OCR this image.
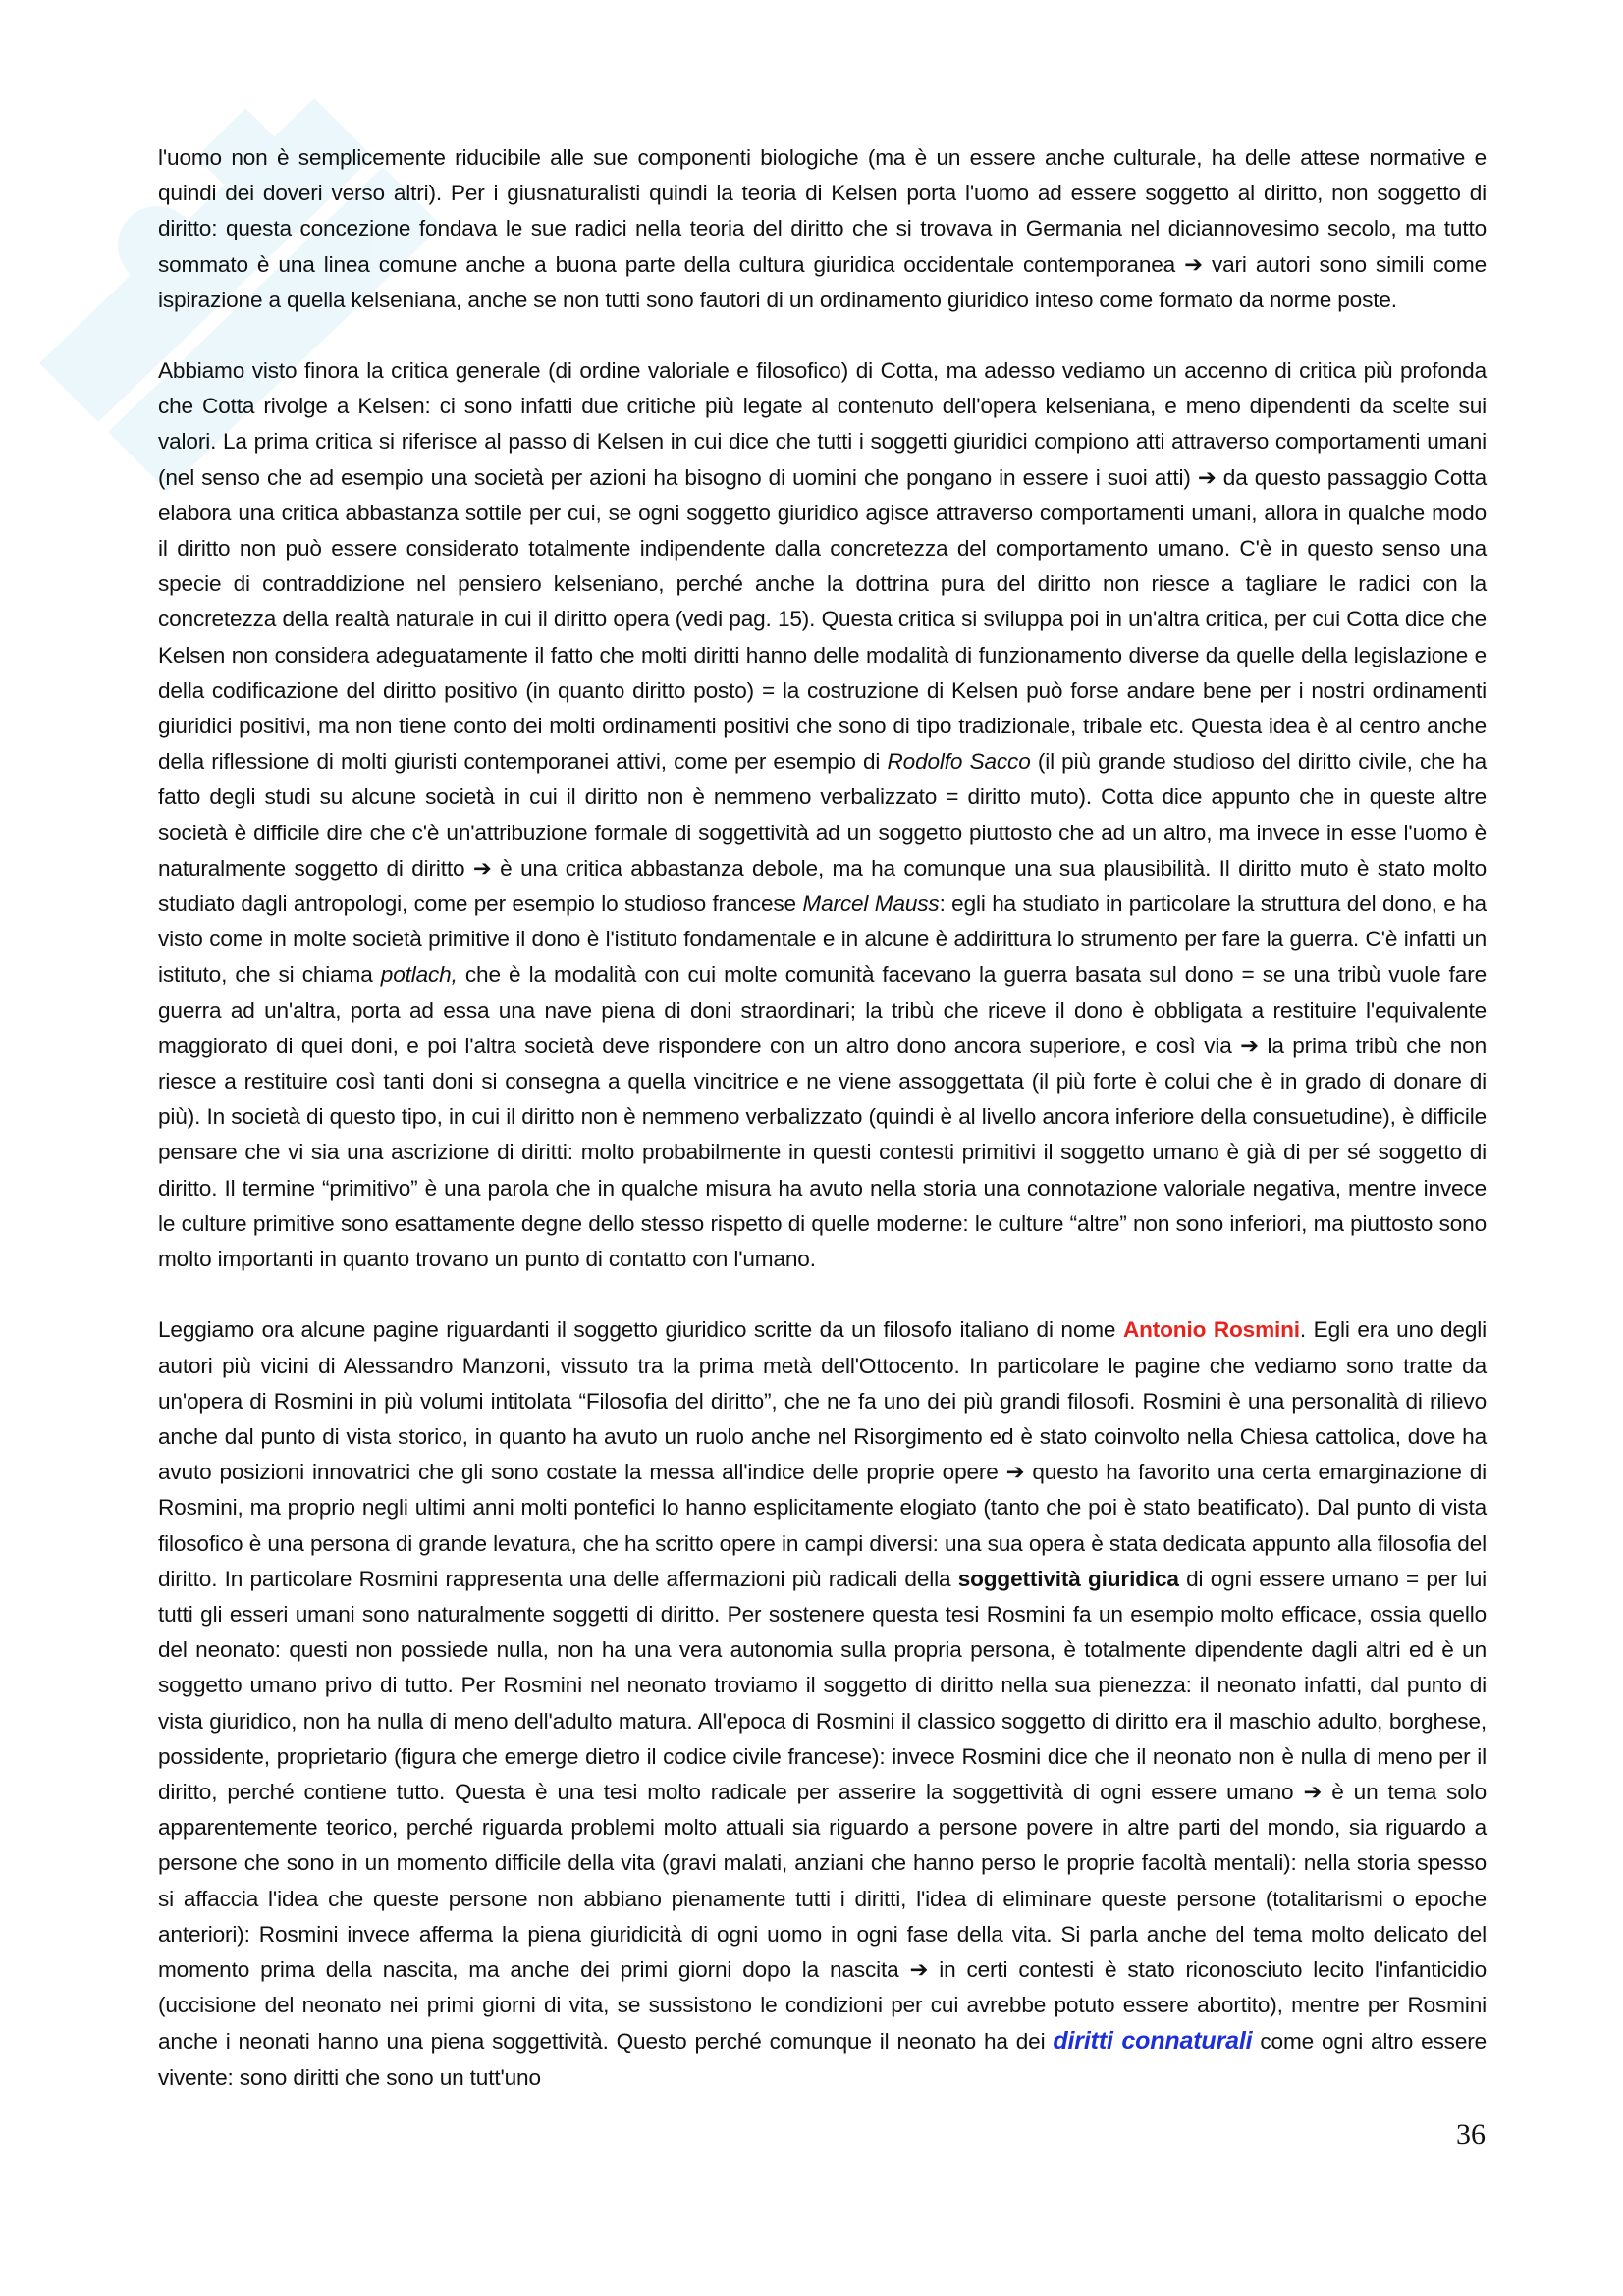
l'uomo non è semplicemente riducibile alle sue componenti biologiche (ma è un essere anche culturale, ha delle attese normative e quindi dei doveri verso altri). Per i giusnaturalisti quindi la teoria di Kelsen porta l'uomo ad essere soggetto al diritto, non soggetto di diritto: questa concezione fondava le sue radici nella teoria del diritto che si trovava in Germania nel diciannovesimo secolo, ma tutto sommato è una linea comune anche a buona parte della cultura giuridica occidentale contemporanea ➔ vari autori sono simili come ispirazione a quella kelseniana, anche se non tutti sono fautori di un ordinamento giuridico inteso come formato da norme poste.

Abbiamo visto finora la critica generale (di ordine valoriale e filosofico) di Cotta, ma adesso vediamo un accenno di critica più profonda che Cotta rivolge a Kelsen: ci sono infatti due critiche più legate al contenuto dell'opera kelseniana, e meno dipendenti da scelte sui valori. La prima critica si riferisce al passo di Kelsen in cui dice che tutti i soggetti giuridici compiono atti attraverso comportamenti umani (nel senso che ad esempio una società per azioni ha bisogno di uomini che pongano in essere i suoi atti) ➔ da questo passaggio Cotta elabora una critica abbastanza sottile per cui, se ogni soggetto giuridico agisce attraverso comportamenti umani, allora in qualche modo il diritto non può essere considerato totalmente indipendente dalla concretezza del comportamento umano. C'è in questo senso una specie di contraddizione nel pensiero kelseniano, perché anche la dottrina pura del diritto non riesce a tagliare le radici con la concretezza della realtà naturale in cui il diritto opera (vedi pag. 15). Questa critica si sviluppa poi in un'altra critica, per cui Cotta dice che Kelsen non considera adeguatamente il fatto che molti diritti hanno delle modalità di funzionamento diverse da quelle della legislazione e della codificazione del diritto positivo (in quanto diritto posto) = la costruzione di Kelsen può forse andare bene per i nostri ordinamenti giuridici positivi, ma non tiene conto dei molti ordinamenti positivi che sono di tipo tradizionale, tribale etc. Questa idea è al centro anche della riflessione di molti giuristi contemporanei attivi, come per esempio di Rodolfo Sacco (il più grande studioso del diritto civile, che ha fatto degli studi su alcune società in cui il diritto non è nemmeno verbalizzato = diritto muto). Cotta dice appunto che in queste altre società è difficile dire che c'è un'attribuzione formale di soggettività ad un soggetto piuttosto che ad un altro, ma invece in esse l'uomo è naturalmente soggetto di diritto ➔ è una critica abbastanza debole, ma ha comunque una sua plausibilità. Il diritto muto è stato molto studiato dagli antropologi, come per esempio lo studioso francese Marcel Mauss: egli ha studiato in particolare la struttura del dono, e ha visto come in molte società primitive il dono è l'istituto fondamentale e in alcune è addirittura lo strumento per fare la guerra. C'è infatti un istituto, che si chiama potlach, che è la modalità con cui molte comunità facevano la guerra basata sul dono = se una tribù vuole fare guerra ad un'altra, porta ad essa una nave piena di doni straordinari; la tribù che riceve il dono è obbligata a restituire l'equivalente maggiorato di quei doni, e poi l'altra società deve rispondere con un altro dono ancora superiore, e così via ➔ la prima tribù che non riesce a restituire così tanti doni si consegna a quella vincitrice e ne viene assoggettata (il più forte è colui che è in grado di donare di più). In società di questo tipo, in cui il diritto non è nemmeno verbalizzato (quindi è al livello ancora inferiore della consuetudine), è difficile pensare che vi sia una ascrizione di diritti: molto probabilmente in questi contesti primitivi il soggetto umano è già di per sé soggetto di diritto. Il termine “primitivo” è una parola che in qualche misura ha avuto nella storia una connotazione valoriale negativa, mentre invece le culture primitive sono esattamente degne dello stesso rispetto di quelle moderne: le culture “altre” non sono inferiori, ma piuttosto sono molto importanti in quanto trovano un punto di contatto con l'umano.

Leggiamo ora alcune pagine riguardanti il soggetto giuridico scritte da un filosofo italiano di nome Antonio Rosmini. Egli era uno degli autori più vicini di Alessandro Manzoni, vissuto tra la prima metà dell'Ottocento. In particolare le pagine che vediamo sono tratte da un'opera di Rosmini in più volumi intitolata “Filosofia del diritto”, che ne fa uno dei più grandi filosofi. Rosmini è una personalità di rilievo anche dal punto di vista storico, in quanto ha avuto un ruolo anche nel Risorgimento ed è stato coinvolto nella Chiesa cattolica, dove ha avuto posizioni innovatrici che gli sono costate la messa all'indice delle proprie opere ➔ questo ha favorito una certa emarginazione di Rosmini, ma proprio negli ultimi anni molti pontefici lo hanno esplicitamente elogiato (tanto che poi è stato beatificato). Dal punto di vista filosofico è una persona di grande levatura, che ha scritto opere in campi diversi: una sua opera è stata dedicata appunto alla filosofia del diritto. In particolare Rosmini rappresenta una delle affermazioni più radicali della soggettività giuridica di ogni essere umano = per lui tutti gli esseri umani sono naturalmente soggetti di diritto. Per sostenere questa tesi Rosmini fa un esempio molto efficace, ossia quello del neonato: questi non possiede nulla, non ha una vera autonomia sulla propria persona, è totalmente dipendente dagli altri ed è un soggetto umano privo di tutto. Per Rosmini nel neonato troviamo il soggetto di diritto nella sua pienezza: il neonato infatti, dal punto di vista giuridico, non ha nulla di meno dell'adulto matura. All'epoca di Rosmini il classico soggetto di diritto era il maschio adulto, borghese, possidente, proprietario (figura che emerge dietro il codice civile francese): invece Rosmini dice che il neonato non è nulla di meno per il diritto, perché contiene tutto. Questa è una tesi molto radicale per asserire la soggettività di ogni essere umano ➔ è un tema solo apparentemente teorico, perché riguarda problemi molto attuali sia riguardo a persone povere in altre parti del mondo, sia riguardo a persone che sono in un momento difficile della vita (gravi malati, anziani che hanno perso le proprie facoltà mentali): nella storia spesso si affaccia l'idea che queste persone non abbiano pienamente tutti i diritti, l'idea di eliminare queste persone (totalitarismi o epoche anteriori): Rosmini invece afferma la piena giuridicità di ogni uomo in ogni fase della vita. Si parla anche del tema molto delicato del momento prima della nascita, ma anche dei primi giorni dopo la nascita ➔ in certi contesti è stato riconosciuto lecito l'infanticidio (uccisione del neonato nei primi giorni di vita, se sussistono le condizioni per cui avrebbe potuto essere abortito), mentre per Rosmini anche i neonati hanno una piena soggettività. Questo perché comunque il neonato ha dei diritti connaturali come ogni altro essere vivente: sono diritti che sono un tutt'uno

36
